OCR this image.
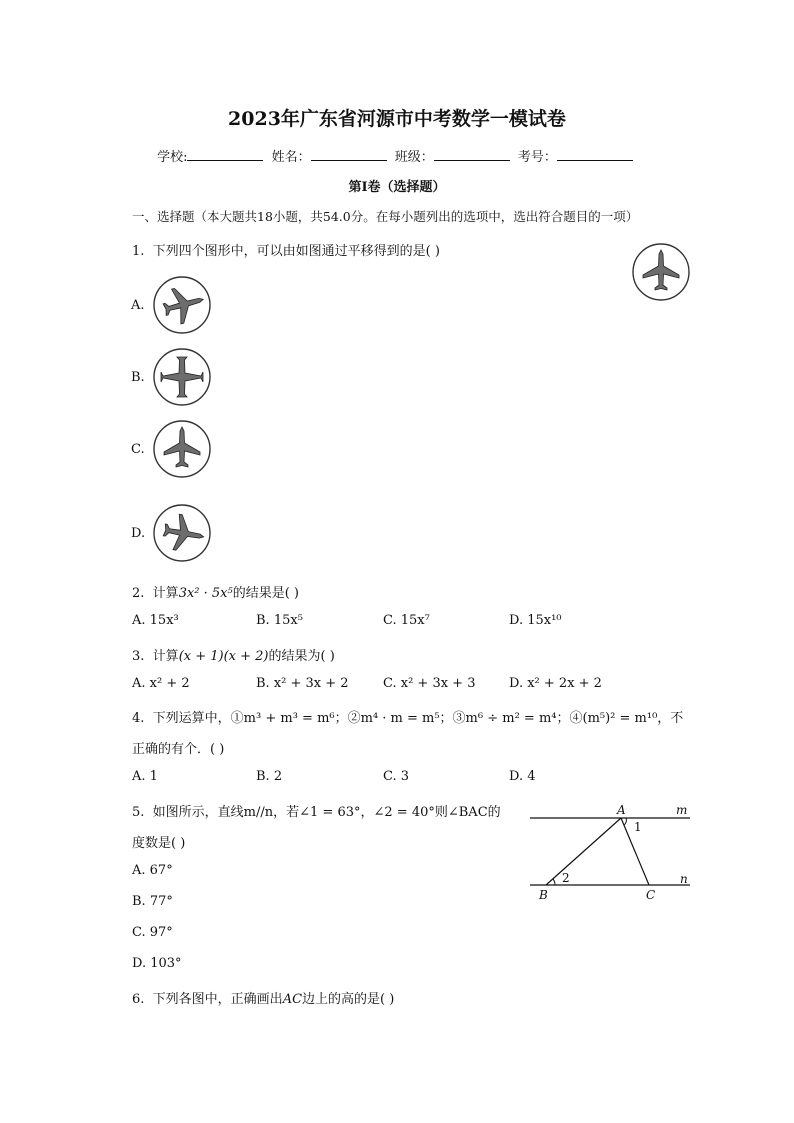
2023年广东省河源市中考数学一模试卷
学校:	姓名：	班级：	考号：
第I卷（选择题）
一、选择题（本大题共18小题，共54.0分。在每小题列出的选项中，选出符合题目的一项）
1. 下列四个图形中，可以由如图通过平移得到的是( )
A.
B.
C.
D.
2. 计算3x² · 5x⁵的结果是( )
A. 15x³	B. 15x⁵	C. 15x⁷	D. 15x¹⁰
3. 计算(x + 1)(x + 2)的结果为( )
A. x² + 2	B. x² + 3x + 2	C. x² + 3x + 3	D. x² + 2x + 2
4. 下列运算中，①m³ + m³ = m⁶；②m⁴ · m = m⁵；③m⁶ ÷ m² = m⁴；④(m⁵)² = m¹⁰，不
正确的有个．( )
A. 1	B. 2	C. 3	D. 4
5. 如图所示，直线m//n，若∠1 = 63°，∠2 = 40°则∠BAC的
度数是( )
A. 67°
B. 77°
C. 97°
D. 103°
A	m
1
2	n
B	C
6. 下列各图中，正确画出AC边上的高的是( )
